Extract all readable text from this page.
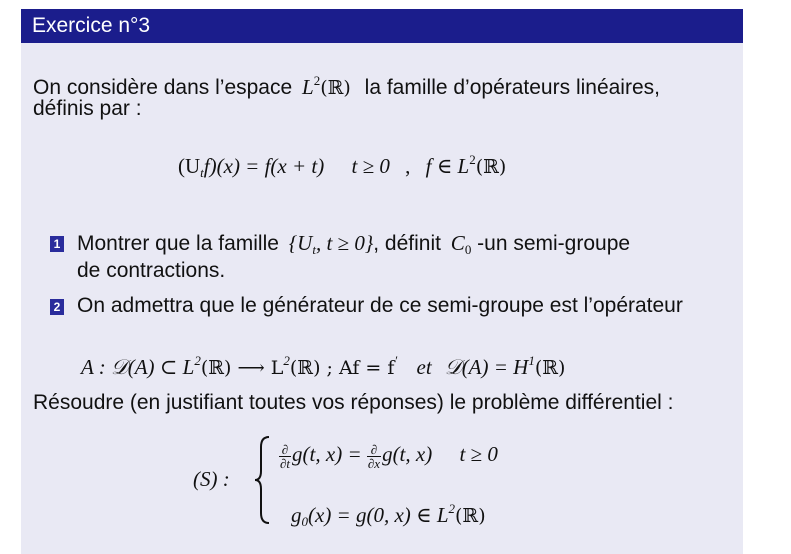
Exercice n°3
On considère dans l’espace $L^2(ℝ)$ la famille d’opérateurs linéaires,
définis par :
$(U_tf)(x) = f(x + t) t \ge 0$ , f ∈ $L^2(ℝ)$
1 Montrer que la famille {$U_t$, t ≥ 0}, définit $C_0$ -un semi-groupe
de contractions.
2 On admettra que le générateur de ce semi-groupe est l’opérateur
A : 𝒟(A) ⊂ $L^2(ℝ)$ ⟶ $L^2(ℝ)$ ; Af = f′ et 𝒟(A) = $H^1(ℝ)$
Résoudre (en justifiant toutes vos réponses) le problème différentiel :
(S) :
$\frac{\partial}{\partial t} g(t$, $x) = \frac{\partial}{\partial x} g(t$, x) t ≥ 0
$g_0(x) = g(0$, x) ∈ $L^2(ℝ)$
